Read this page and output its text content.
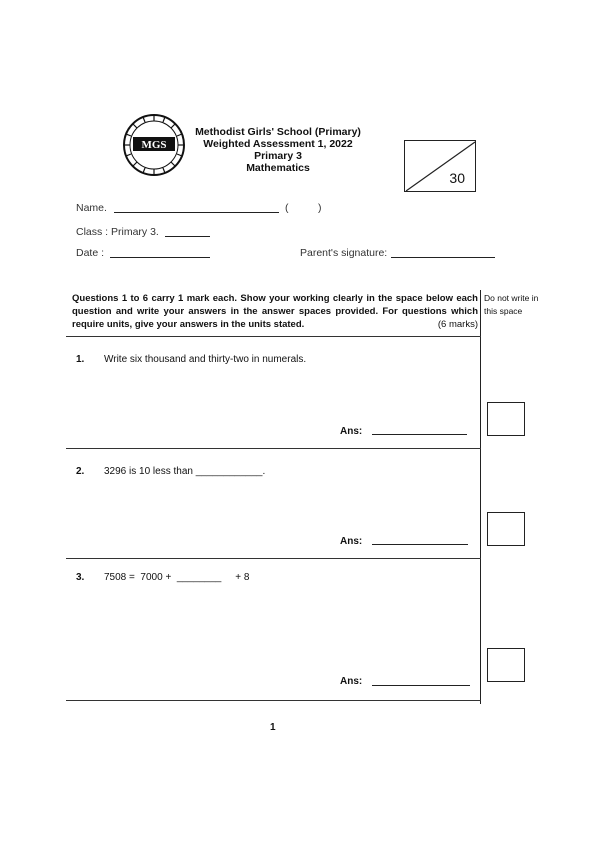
MGS
Methodist Girls' School (Primary)
Weighted Assessment 1, 2022
Primary 3
Mathematics
30
Name.	(	)
Class : Primary 3.
Date :	Parent's signature:
Questions 1 to 6 carry 1 mark each. Show your working clearly in the space below each question and write your answers in the answer spaces provided. For questions which require units, give your answers in the units stated.	(6 marks)
Do not write in this space
1. Write six thousand and thirty-two in numerals.
Ans:
2. 3296 is 10 less than ____________.
Ans:
3. 7508 =  7000 +  ________     + 8
Ans:
1
